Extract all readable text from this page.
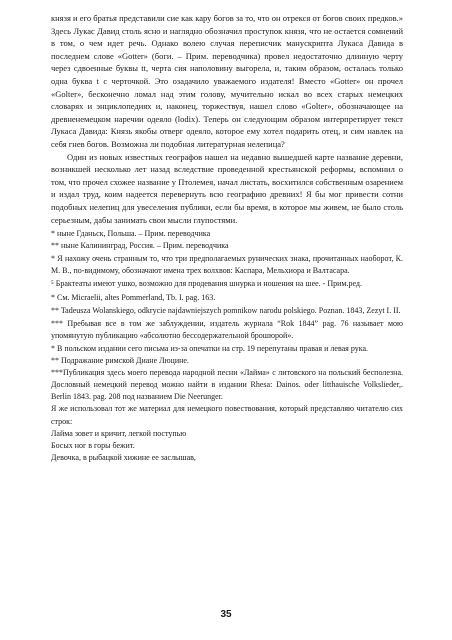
князя и его братья представили сие как кару богов за то, что он отрекся от богов своих предков.» Здесь Лукас Давид столь ясно и наглядно обозначил проступок князя, что не остается сомнений в том, о чем идет речь. Однако волею случая переписчик манускрипта Лукаса Давида в последнем слове «Gotter» (боги. – Прим. переводчика) провел недостаточно длинную черту через сдвоенные буквы tt, черта сия наполовину выгорела, и, таким образом, осталась только одна буква t с черточкой. Это озадачило уважаемого издателя! Вместо «Gotter» он прочел «Golter», бесконечно ломал над этим голову, мучительно искал во всех старых немецких словарях и энциклопедиях и, наконец, торжествуя, нашел слово «Golter», обозначающее на древненемецком наречии одеяло (lodix). Теперь он следующим образом интерпретирует текст Лукаса Давида: Князь якобы отверг одеяло, которое ему хотел подарить отец, и сим навлек на себя гнев богов. Возможна ли подобная литературная нелепица?

Один из новых известных географов нашел на недавно вышедшей карте название деревни, возникшей несколько лет назад вследствие проведенной крестьянской реформы, вспомнил о том, что прочел схожее название у Птолемея, начал листать, восхитился собственным озарением и издал труд, коим надеется перевернуть всю географию древних! Я бы мог привести сотни подобных нелепиц для увеселения публики, если бы время, в которое мы живем, не было столь серьезным, дабы занимать свои мысли глупостями.

* ныне Гданьск, Польша. – Прим. переводчика

** ныне Калининград, Россия. – Прим. переводчика

* Я нахожу очень странным то, что три предполагаемых рунических знака, прочитанных наоборот, К. М. В., по-видимому, обозначают имена трех волхвов: Каспара, Мельхиора и Валтасара.

⁵ Брактеаты имеют ушко, возможно для продевания шнурка и ношения на шее. - Прим.ред.

* См. Micraelii, altes Pommerland, Tb. I. pag. 163.

** Tadeusza Wolanskiego, odkrycie najdawniejszych pomnikow narodu polskiego. Poznan. 1843, Zezyt I. II.

*** Пребывая все в том же заблуждении, издатель журнала “Rok 1844” pag. 76 называет мою упомянутую публикацию «абсолютно бессодержательной брошюрой».

* В польском издании сего письма из-за опечатки на стр. 19 перепутаны правая и левая рука.

** Подражание римской Диане Люцине.

***Публикация здесь моего перевода народной песни «Лайма» с литовского на польский бесполезна. Дословный немецкий перевод можно найти в издании Rhesa: Dainos. oder litthauische Volkslieder,. Berlin 1843. pag. 208 под названием Die Neerunger.

Я же использовал тот же материал для немецкого повествования, который представляю читателю сих строк:

Лайма зовет и кричит, легкой поступью

Босых ног в горы бежит.

Девочка, в рыбацкой хижине ее заслышав,

35
